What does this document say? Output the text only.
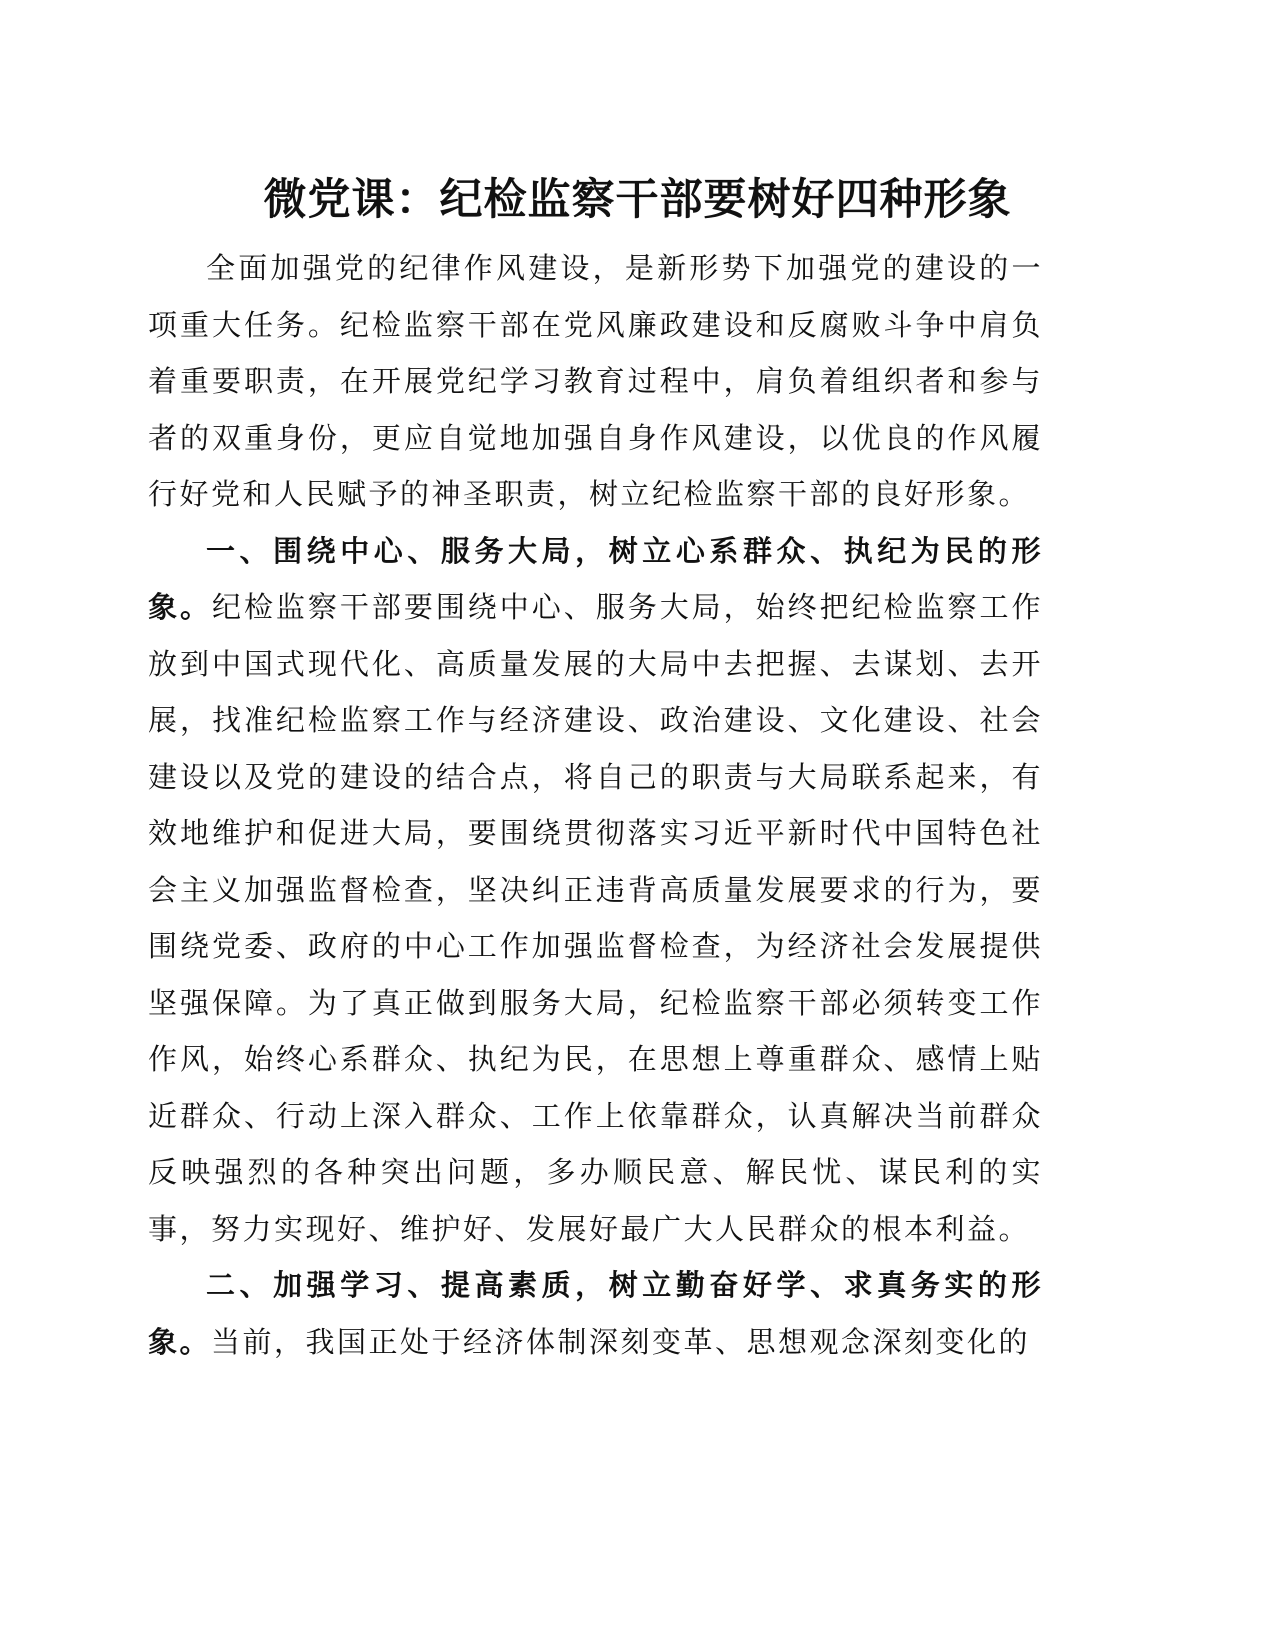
微党课：纪检监察干部要树好四种形象

全面加强党的纪律作风建设，是新形势下加强党的建设的一项重大任务。纪检监察干部在党风廉政建设和反腐败斗争中肩负着重要职责，在开展党纪学习教育过程中，肩负着组织者和参与者的双重身份，更应自觉地加强自身作风建设，以优良的作风履行好党和人民赋予的神圣职责，树立纪检监察干部的良好形象。

一、围绕中心、服务大局，树立心系群众、执纪为民的形象。纪检监察干部要围绕中心、服务大局，始终把纪检监察工作放到中国式现代化、高质量发展的大局中去把握、去谋划、去开展，找准纪检监察工作与经济建设、政治建设、文化建设、社会建设以及党的建设的结合点，将自己的职责与大局联系起来，有效地维护和促进大局，要围绕贯彻落实习近平新时代中国特色社会主义加强监督检查，坚决纠正违背高质量发展要求的行为，要围绕党委、政府的中心工作加强监督检查，为经济社会发展提供坚强保障。为了真正做到服务大局，纪检监察干部必须转变工作作风，始终心系群众、执纪为民，在思想上尊重群众、感情上贴近群众、行动上深入群众、工作上依靠群众，认真解决当前群众反映强烈的各种突出问题，多办顺民意、解民忧、谋民利的实事，努力实现好、维护好、发展好最广大人民群众的根本利益。

二、加强学习、提高素质，树立勤奋好学、求真务实的形象。当前，我国正处于经济体制深刻变革、思想观念深刻变化的
